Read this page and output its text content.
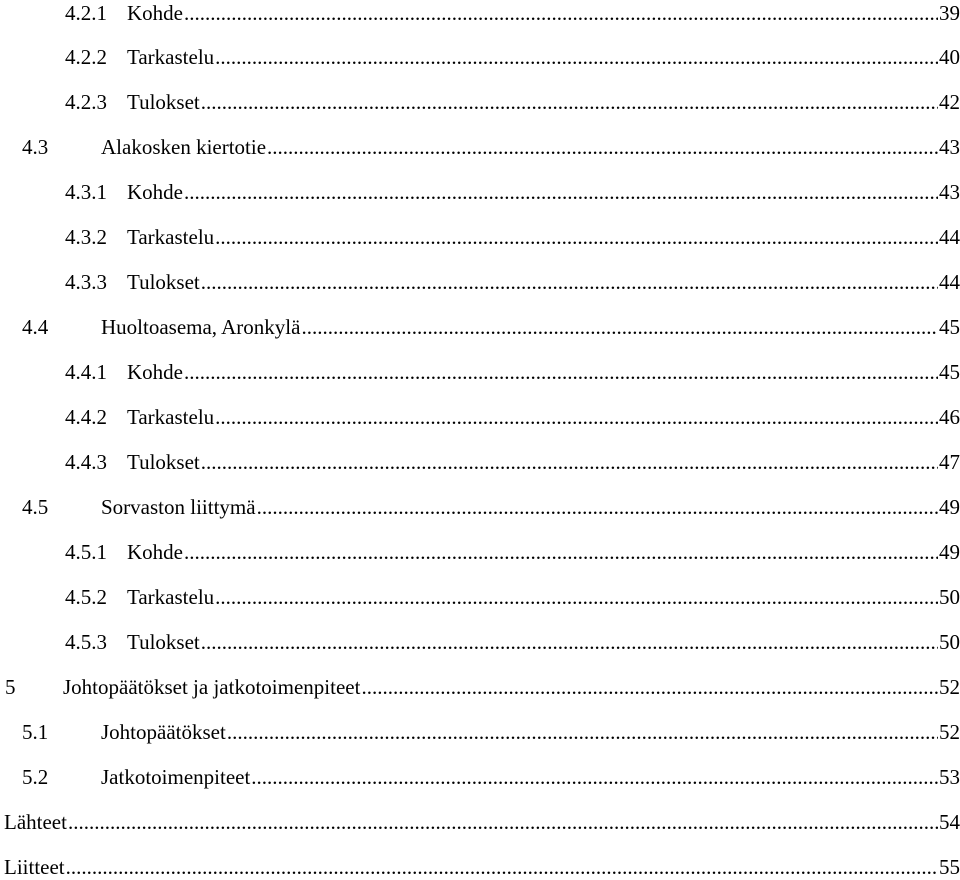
4.2.1 Kohde .....	39
4.2.2 Tarkastelu .....	40
4.2.3 Tulokset .....	42
4.3	Alakosken kiertotie .....	43
4.3.1 Kohde .....	43
4.3.2 Tarkastelu .....	44
4.3.3 Tulokset .....	44
4.4	Huoltoasema, Aronkylä .....	45
4.4.1 Kohde .....	45
4.4.2 Tarkastelu .....	46
4.4.3 Tulokset .....	47
4.5	Sorvaston liittymä .....	49
4.5.1 Kohde .....	49
4.5.2 Tarkastelu .....	50
4.5.3 Tulokset .....	50
5	Johtopäätökset ja jatkotoimenpiteet .....	52
5.1	Johtopäätökset .....	52
5.2	Jatkotoimenpiteet .....	53
Lähteet .....	54
Liitteet .....	55
